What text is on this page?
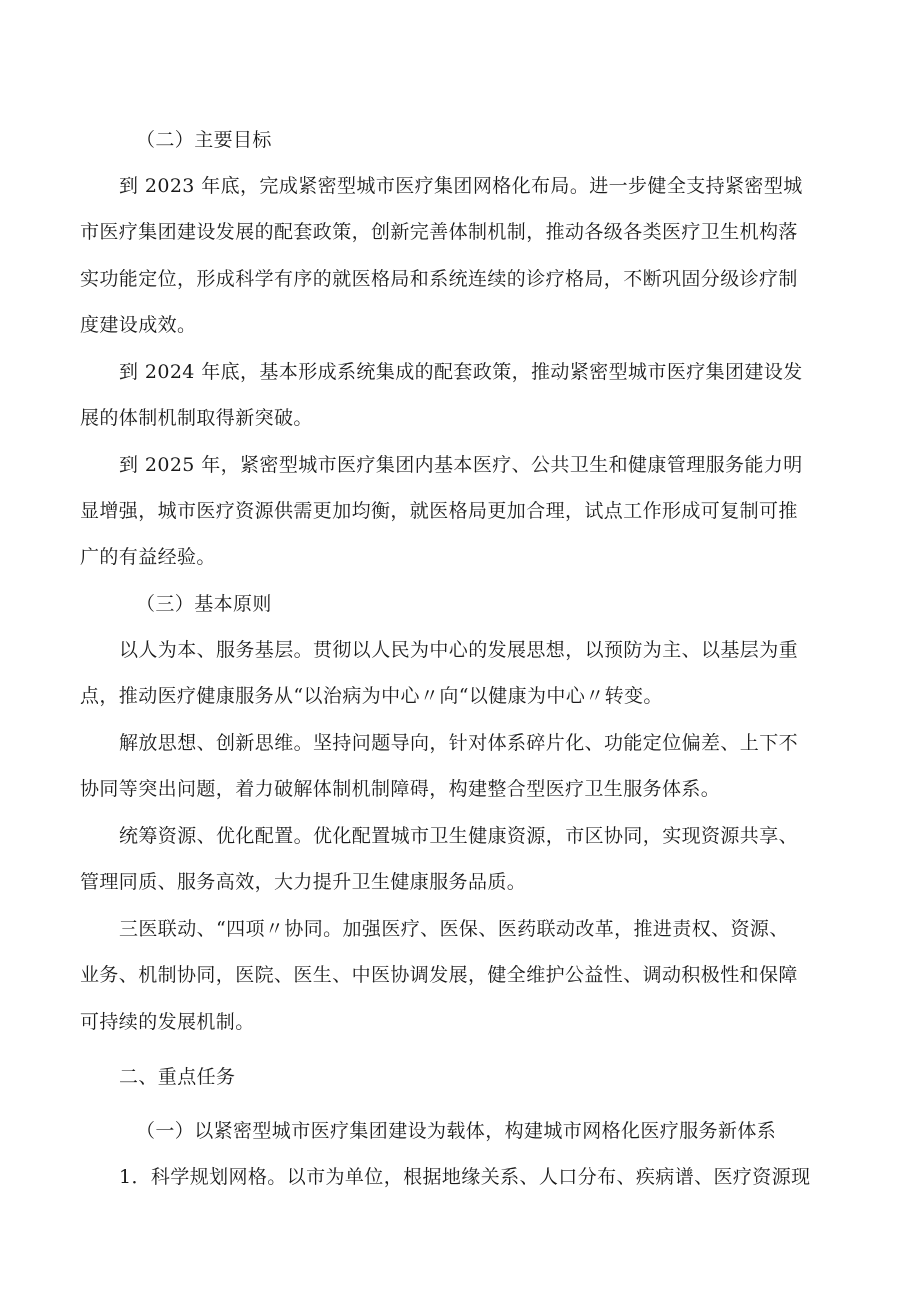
（二）主要目标
到 2023 年底，完成紧密型城市医疗集团网格化布局。进一步健全支持紧密型城
市医疗集团建设发展的配套政策，创新完善体制机制，推动各级各类医疗卫生机构落
实功能定位，形成科学有序的就医格局和系统连续的诊疗格局，不断巩固分级诊疗制
度建设成效。
到 2024 年底，基本形成系统集成的配套政策，推动紧密型城市医疗集团建设发
展的体制机制取得新突破。
到 2025 年，紧密型城市医疗集团内基本医疗、公共卫生和健康管理服务能力明
显增强，城市医疗资源供需更加均衡，就医格局更加合理，试点工作形成可复制可推
广的有益经验。
（三）基本原则
以人为本、服务基层。贯彻以人民为中心的发展思想，以预防为主、以基层为重
点，推动医疗健康服务从“以治病为中心〃向“以健康为中心〃转变。
解放思想、创新思维。坚持问题导向，针对体系碎片化、功能定位偏差、上下不
协同等突出问题，着力破解体制机制障碍，构建整合型医疗卫生服务体系。
统筹资源、优化配置。优化配置城市卫生健康资源，市区协同，实现资源共享、
管理同质、服务高效，大力提升卫生健康服务品质。
三医联动、“四项〃协同。加强医疗、医保、医药联动改革，推进责权、资源、
业务、机制协同，医院、医生、中医协调发展，健全维护公益性、调动积极性和保障
可持续的发展机制。
二、重点任务
（一）以紧密型城市医疗集团建设为载体，构建城市网格化医疗服务新体系
1．科学规划网格。以市为单位，根据地缘关系、人口分布、疾病谱、医疗资源现
